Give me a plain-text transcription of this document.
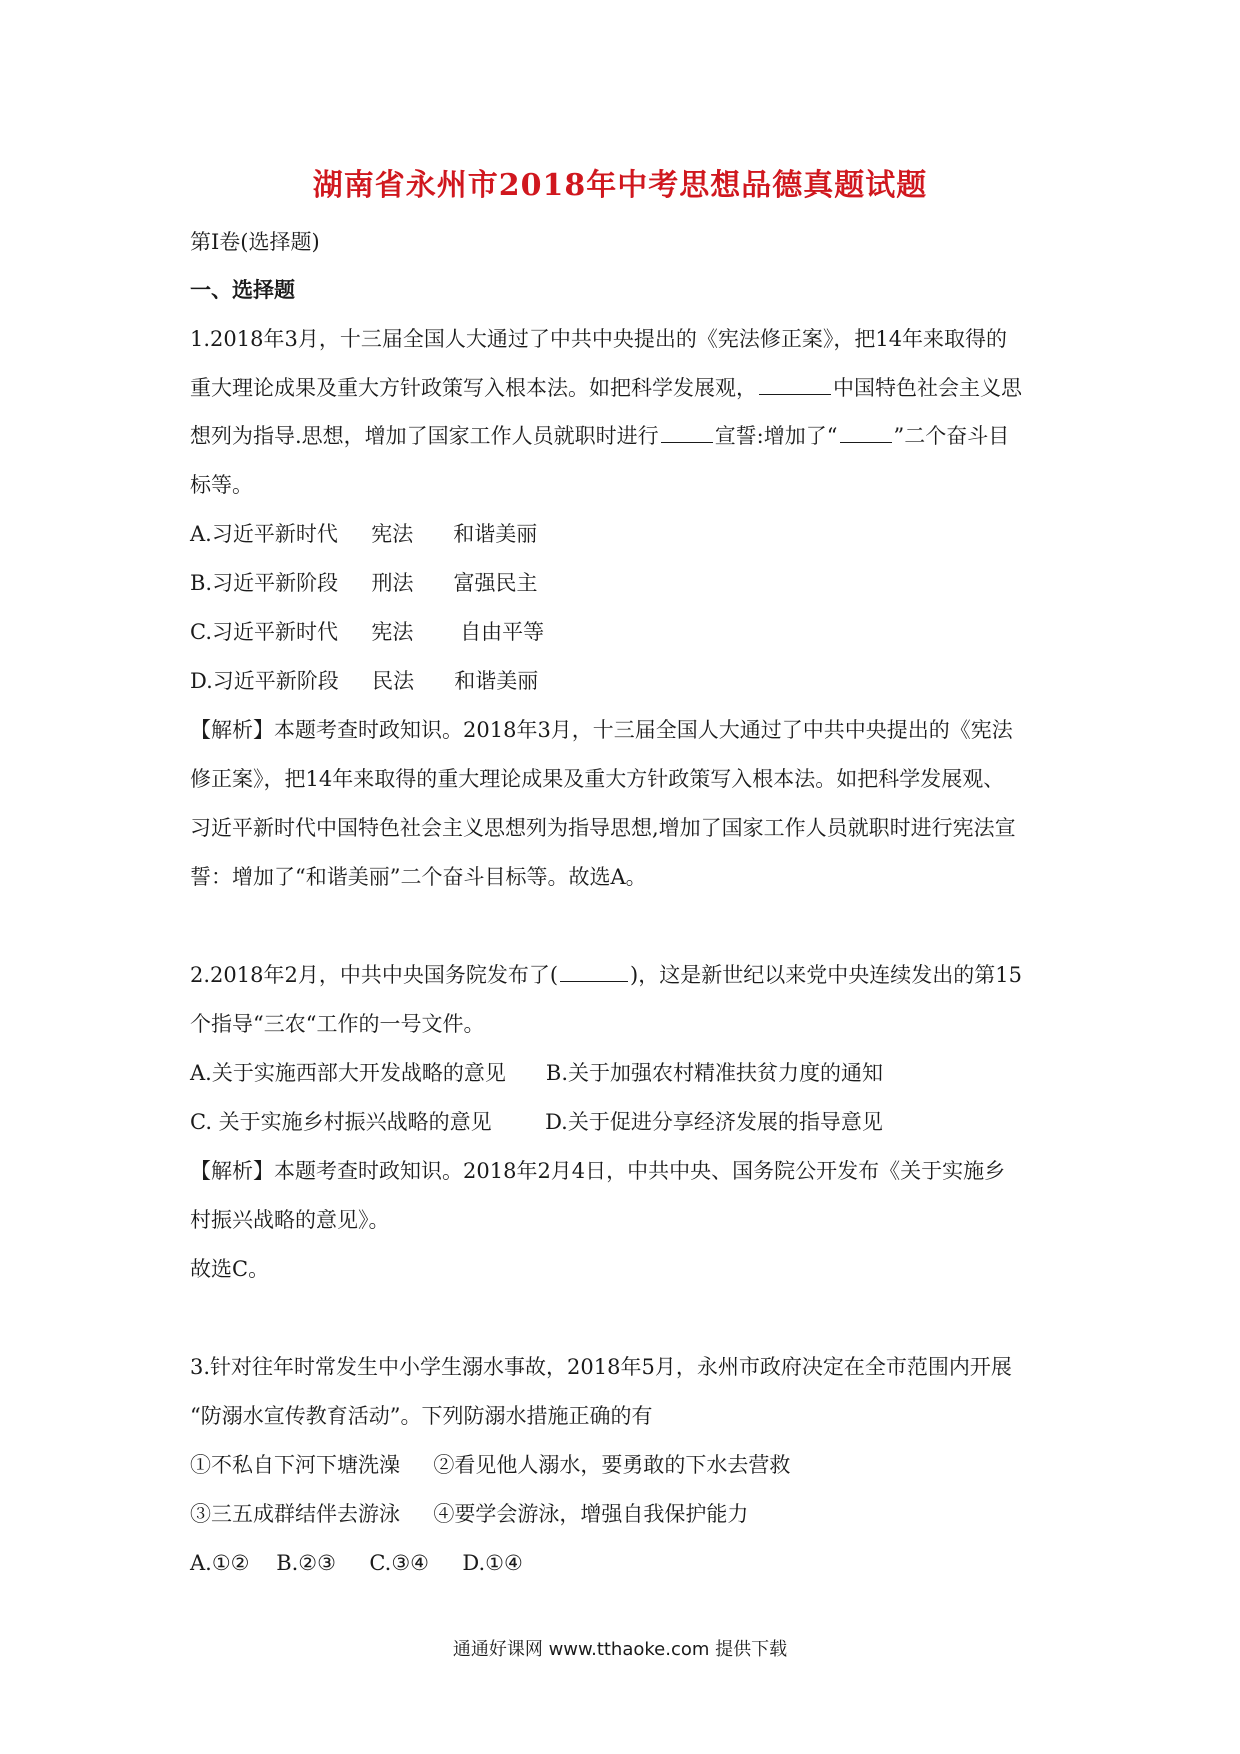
湖南省永州市2018年中考思想品德真题试题
第Ⅰ卷(选择题)
一、选择题
1.2018年3月，十三届全国人大通过了中共中央提出的《宪法修正案》，把14年来取得的
重大理论成果及重大方针政策写入根本法。如把科学发展观，	中国特色社会主义思
想列为指导.思想，增加了国家工作人员就职时进行	宣誓:增加了“	”二个奋斗目
标等。
A.习近平新时代     宪法      和谐美丽
B.习近平新阶段     刑法      富强民主
C.习近平新时代     宪法       自由平等
D.习近平新阶段     民法      和谐美丽
【解析】本题考查时政知识。2018年3月，十三届全国人大通过了中共中央提出的《宪法
修正案》，把14年来取得的重大理论成果及重大方针政策写入根本法。如把科学发展观、
习近平新时代中国特色社会主义思想列为指导思想,增加了国家工作人员就职时进行宪法宣
誓：增加了“和谐美丽”二个奋斗目标等。故选A。
2.2018年2月，中共中央国务院发布了(	)，这是新世纪以来党中央连续发出的第15
个指导“三农“工作的一号文件。
A.关于实施西部大开发战略的意见      B.关于加强农村精准扶贫力度的通知
C. 关于实施乡村振兴战略的意见        D.关于促进分享经济发展的指导意见
【解析】本题考查时政知识。2018年2月4日，中共中央、国务院公开发布《关于实施乡
村振兴战略的意见》。
故选C。
3.针对往年时常发生中小学生溺水事故，2018年5月，永州市政府决定在全市范围内开展
“防溺水宣传教育活动”。下列防溺水措施正确的有
①不私自下河下塘洗澡     ②看见他人溺水，要勇敢的下水去营救
③三五成群结伴去游泳     ④要学会游泳，增强自我保护能力
A.①②    B.②③     C.③④     D.①④
通通好课网 www.tthaoke.com 提供下载
